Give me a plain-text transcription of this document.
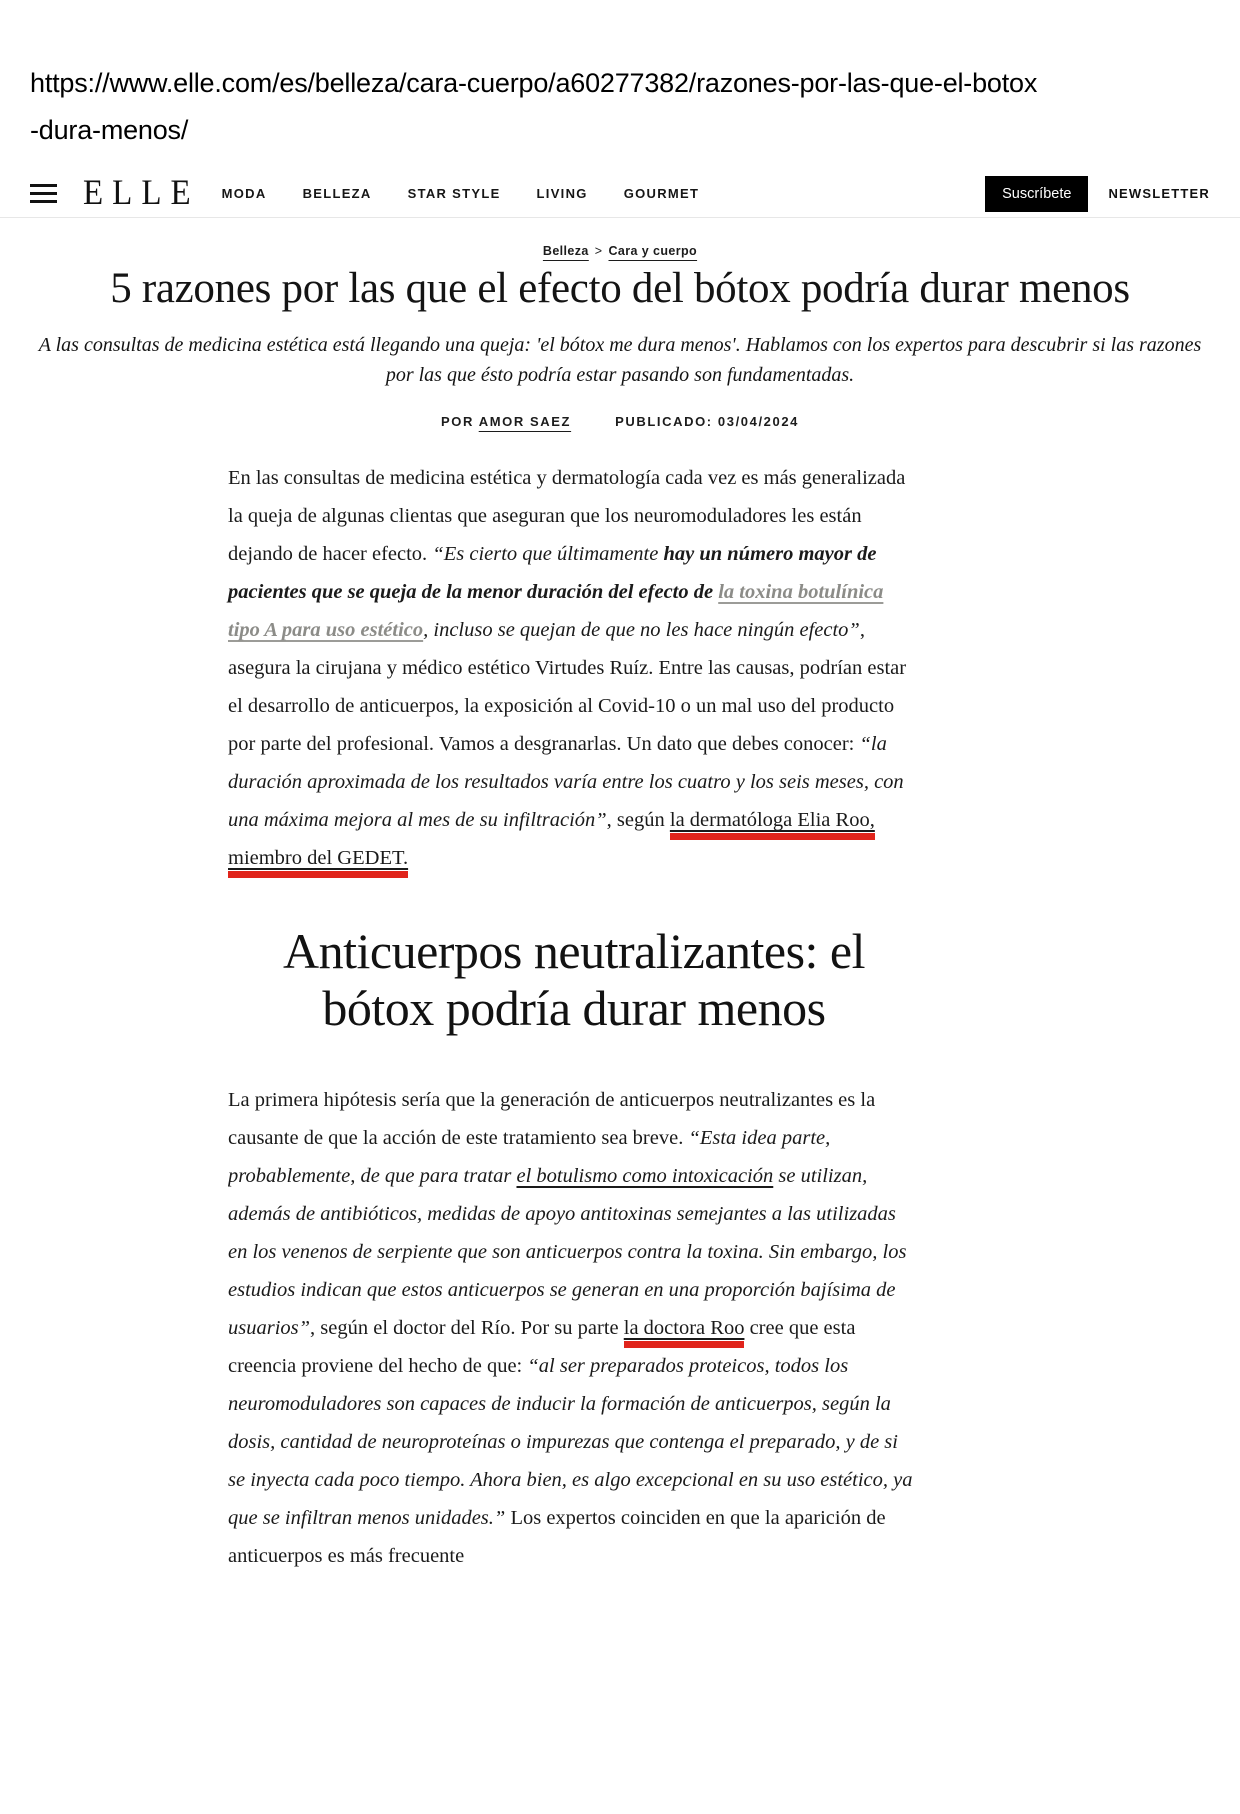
https://www.elle.com/es/belleza/cara-cuerpo/a60277382/razones-por-las-que-el-botox-dura-menos/
ELLE MODA	BELLEZA	STAR STYLE	LIVING	GOURMET	Suscríbete	NEWSLETTER
Belleza > Cara y cuerpo
5 razones por las que el efecto del bótox podría durar menos
A las consultas de medicina estética está llegando una queja: 'el bótox me dura menos'. Hablamos con los expertos para descubrir si las razones por las que ésto podría estar pasando son fundamentadas.
POR AMOR SAEZ	PUBLICADO: 03/04/2024

En las consultas de medicina estética y dermatología cada vez es más generalizada la queja de algunas clientas que aseguran que los neuromoduladores les están dejando de hacer efecto. “Es cierto que últimamente hay un número mayor de pacientes que se queja de la menor duración del efecto de la toxina botulínica tipo A para uso estético, incluso se quejan de que no les hace ningún efecto”, asegura la cirujana y médico estético Virtudes Ruíz. Entre las causas, podrían estar el desarrollo de anticuerpos, la exposición al Covid-10 o un mal uso del producto por parte del profesional. Vamos a desgranarlas. Un dato que debes conocer: “la duración aproximada de los resultados varía entre los cuatro y los seis meses, con una máxima mejora al mes de su infiltración”, según la dermatóloga Elia Roo, miembro del GEDET.

Anticuerpos neutralizantes: el bótox podría durar menos

La primera hipótesis sería que la generación de anticuerpos neutralizantes es la causante de que la acción de este tratamiento sea breve. “Esta idea parte, probablemente, de que para tratar el botulismo como intoxicación se utilizan, además de antibióticos, medidas de apoyo antitoxinas semejantes a las utilizadas en los venenos de serpiente que son anticuerpos contra la toxina. Sin embargo, los estudios indican que estos anticuerpos se generan en una proporción bajísima de usuarios”, según el doctor del Río. Por su parte la doctora Roo cree que esta creencia proviene del hecho de que: “al ser preparados proteicos, todos los neuromoduladores son capaces de inducir la formación de anticuerpos, según la dosis, cantidad de neuroproteínas o impurezas que contenga el preparado, y de si se inyecta cada poco tiempo. Ahora bien, es algo excepcional en su uso estético, ya que se infiltran menos unidades.” Los expertos coinciden en que la aparición de anticuerpos es más frecuente
